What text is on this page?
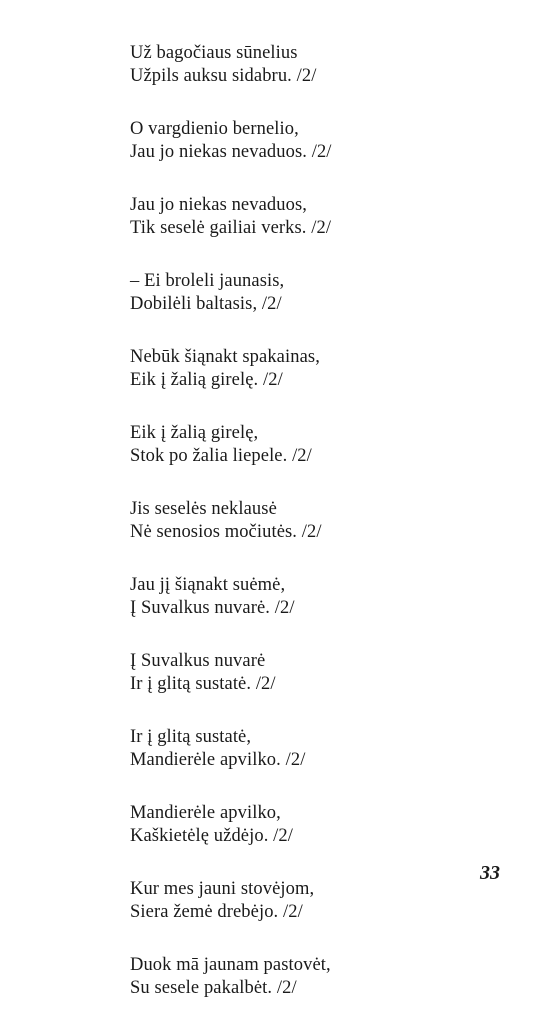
Už bagočiaus sūnelius
Užpils auksu sidabru. /2/
O vargdienio bernelio,
Jau jo niekas nevaduos. /2/
Jau jo niekas nevaduos,
Tik seselė gailiai verks. /2/
– Ei broleli jaunasis,
Dobilėli baltasis, /2/
Nebūk šiąnakt spakainas,
Eik į žalią girelę. /2/
Eik į žalią girelę,
Stok po žalia liepele. /2/
Jis seselės neklausė
Nė senosios močiutės. /2/
Jau jį šiąnakt suėmė,
Į Suvalkus nuvarė. /2/
Į Suvalkus nuvarė
Ir į glitą sustatė. /2/
Ir į glitą sustatė,
Mandierėle apvilko. /2/
Mandierėle apvilko,
Kaškietėlę uždėjo. /2/
Kur mes jauni stovėjom,
Siera žemė drebėjo. /2/
Duok mā jaunam pastovėt,
Su sesele pakalbėt. /2/
33
